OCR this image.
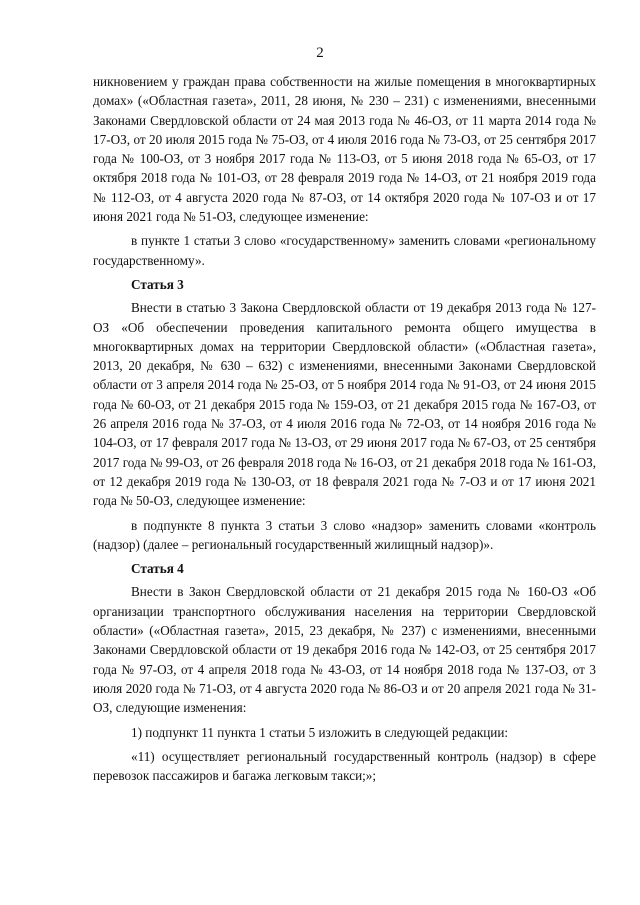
2

никновением у граждан права собственности на жилые помещения в многоквартирных домах» («Областная газета», 2011, 28 июня, № 230 – 231) с изменениями, внесенными Законами Свердловской области от 24 мая 2013 года № 46-ОЗ, от 11 марта 2014 года № 17-ОЗ, от 20 июля 2015 года № 75-ОЗ, от 4 июля 2016 года № 73-ОЗ, от 25 сентября 2017 года № 100-ОЗ, от 3 ноября 2017 года № 113-ОЗ, от 5 июня 2018 года № 65-ОЗ, от 17 октября 2018 года № 101-ОЗ, от 28 февраля 2019 года № 14-ОЗ, от 21 ноября 2019 года № 112-ОЗ, от 4 августа 2020 года № 87-ОЗ, от 14 октября 2020 года № 107-ОЗ и от 17 июня 2021 года № 51-ОЗ, следующее изменение:

в пункте 1 статьи 3 слово «государственному» заменить словами «региональному государственному».

Статья 3

Внести в статью 3 Закона Свердловской области от 19 декабря 2013 года № 127-ОЗ «Об обеспечении проведения капитального ремонта общего имущества в многоквартирных домах на территории Свердловской области» («Областная газета», 2013, 20 декабря, № 630 – 632) с изменениями, внесенными Законами Свердловской области от 3 апреля 2014 года № 25-ОЗ, от 5 ноября 2014 года № 91-ОЗ, от 24 июня 2015 года № 60-ОЗ, от 21 декабря 2015 года № 159-ОЗ, от 21 декабря 2015 года № 167-ОЗ, от 26 апреля 2016 года № 37-ОЗ, от 4 июля 2016 года № 72-ОЗ, от 14 ноября 2016 года № 104-ОЗ, от 17 февраля 2017 года № 13-ОЗ, от 29 июня 2017 года № 67-ОЗ, от 25 сентября 2017 года № 99-ОЗ, от 26 февраля 2018 года № 16-ОЗ, от 21 декабря 2018 года № 161-ОЗ, от 12 декабря 2019 года № 130-ОЗ, от 18 февраля 2021 года № 7-ОЗ и от 17 июня 2021 года № 50-ОЗ, следующее изменение:

в подпункте 8 пункта 3 статьи 3 слово «надзор» заменить словами «контроль (надзор) (далее – региональный государственный жилищный надзор)».

Статья 4

Внести в Закон Свердловской области от 21 декабря 2015 года № 160-ОЗ «Об организации транспортного обслуживания населения на территории Свердловской области» («Областная газета», 2015, 23 декабря, № 237) с изменениями, внесенными Законами Свердловской области от 19 декабря 2016 года № 142-ОЗ, от 25 сентября 2017 года № 97-ОЗ, от 4 апреля 2018 года № 43-ОЗ, от 14 ноября 2018 года № 137-ОЗ, от 3 июля 2020 года № 71-ОЗ, от 4 августа 2020 года № 86-ОЗ и от 20 апреля 2021 года № 31-ОЗ, следующие изменения:

1) подпункт 11 пункта 1 статьи 5 изложить в следующей редакции:

«11) осуществляет региональный государственный контроль (надзор) в сфере перевозок пассажиров и багажа легковым такси;»;
